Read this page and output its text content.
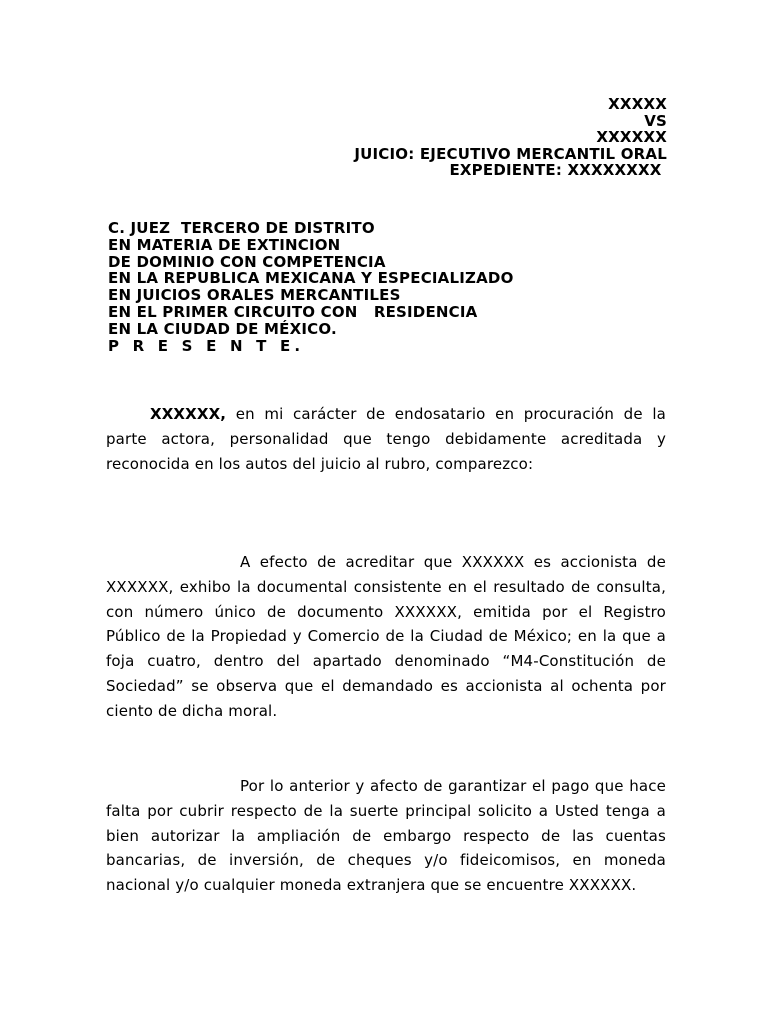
XXXXX
VS
XXXXXX
JUICIO: EJECUTIVO MERCANTIL ORAL
EXPEDIENTE: XXXXXXXX
C. JUEZ  TERCERO DE DISTRITO
EN MATERIA DE EXTINCION
DE DOMINIO CON COMPETENCIA
EN LA REPUBLICA MEXICANA Y ESPECIALIZADO
EN JUICIOS ORALES MERCANTILES
EN EL PRIMER CIRCUITO CON   RESIDENCIA
EN LA CIUDAD DE MÉXICO.
P R E S E N T E.
XXXXXX, en mi carácter de endosatario en procuración de la parte actora, personalidad que tengo debidamente acreditada y reconocida en los autos del juicio al rubro, comparezco:
A efecto de acreditar que XXXXXX es accionista de XXXXXX, exhibo la documental consistente en el resultado de consulta, con número único de documento XXXXXX, emitida por el Registro Público de la Propiedad y Comercio de la Ciudad de México; en la que a foja cuatro, dentro del apartado denominado “M4-Constitución de Sociedad” se observa que el demandado es accionista al ochenta por ciento de dicha moral.
Por lo anterior y afecto de garantizar el pago que hace falta por cubrir respecto de la suerte principal solicito a Usted tenga a bien autorizar la ampliación de embargo respecto de las cuentas bancarias, de inversión, de cheques y/o fideicomisos, en moneda nacional y/o cualquier moneda extranjera que se encuentre XXXXXX.
